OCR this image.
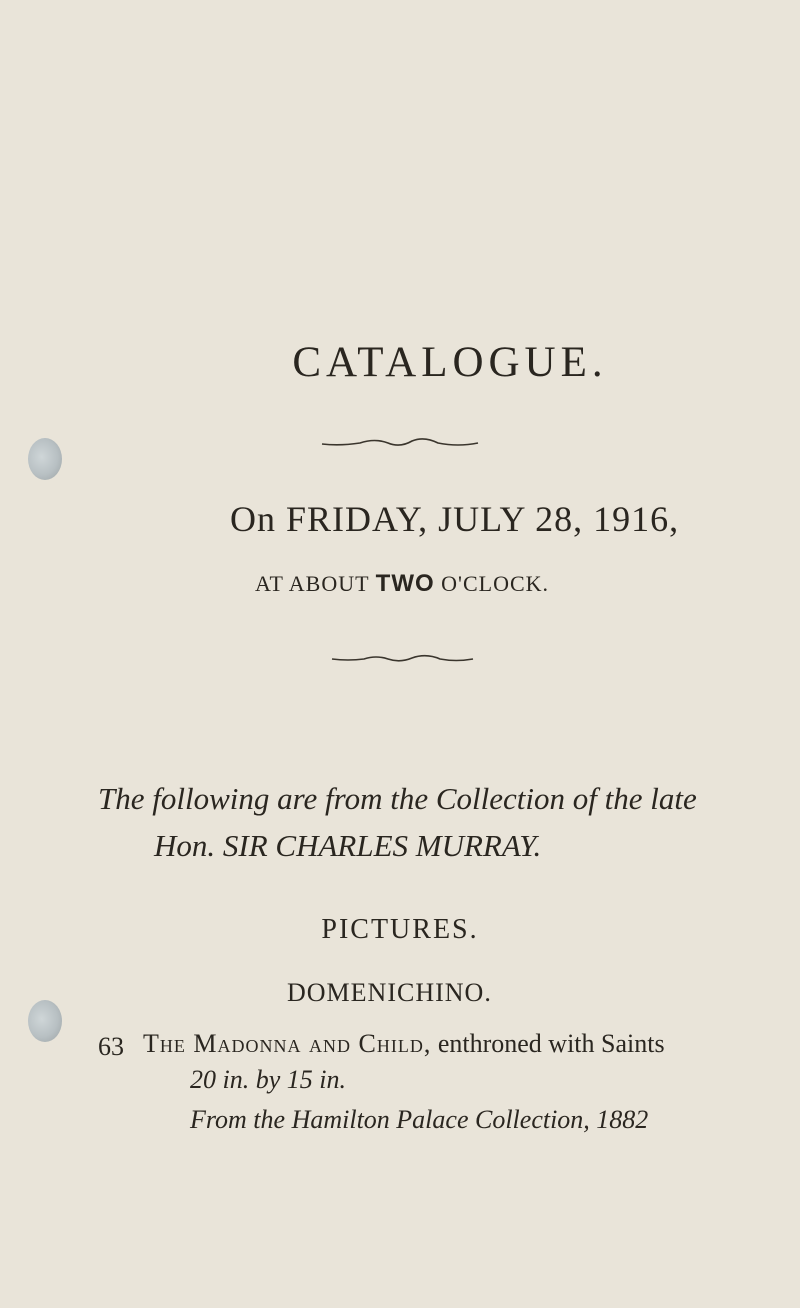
CATALOGUE.
On FRIDAY, JULY 28, 1916,
AT ABOUT TWO O'CLOCK.
The following are from the Collection of the late
Hon. SIR CHARLES MURRAY.
PICTURES.
DOMENICHINO.
63 The Madonna and Child, enthroned with Saints
20 in. by 15 in.
From the Hamilton Palace Collection, 1882
